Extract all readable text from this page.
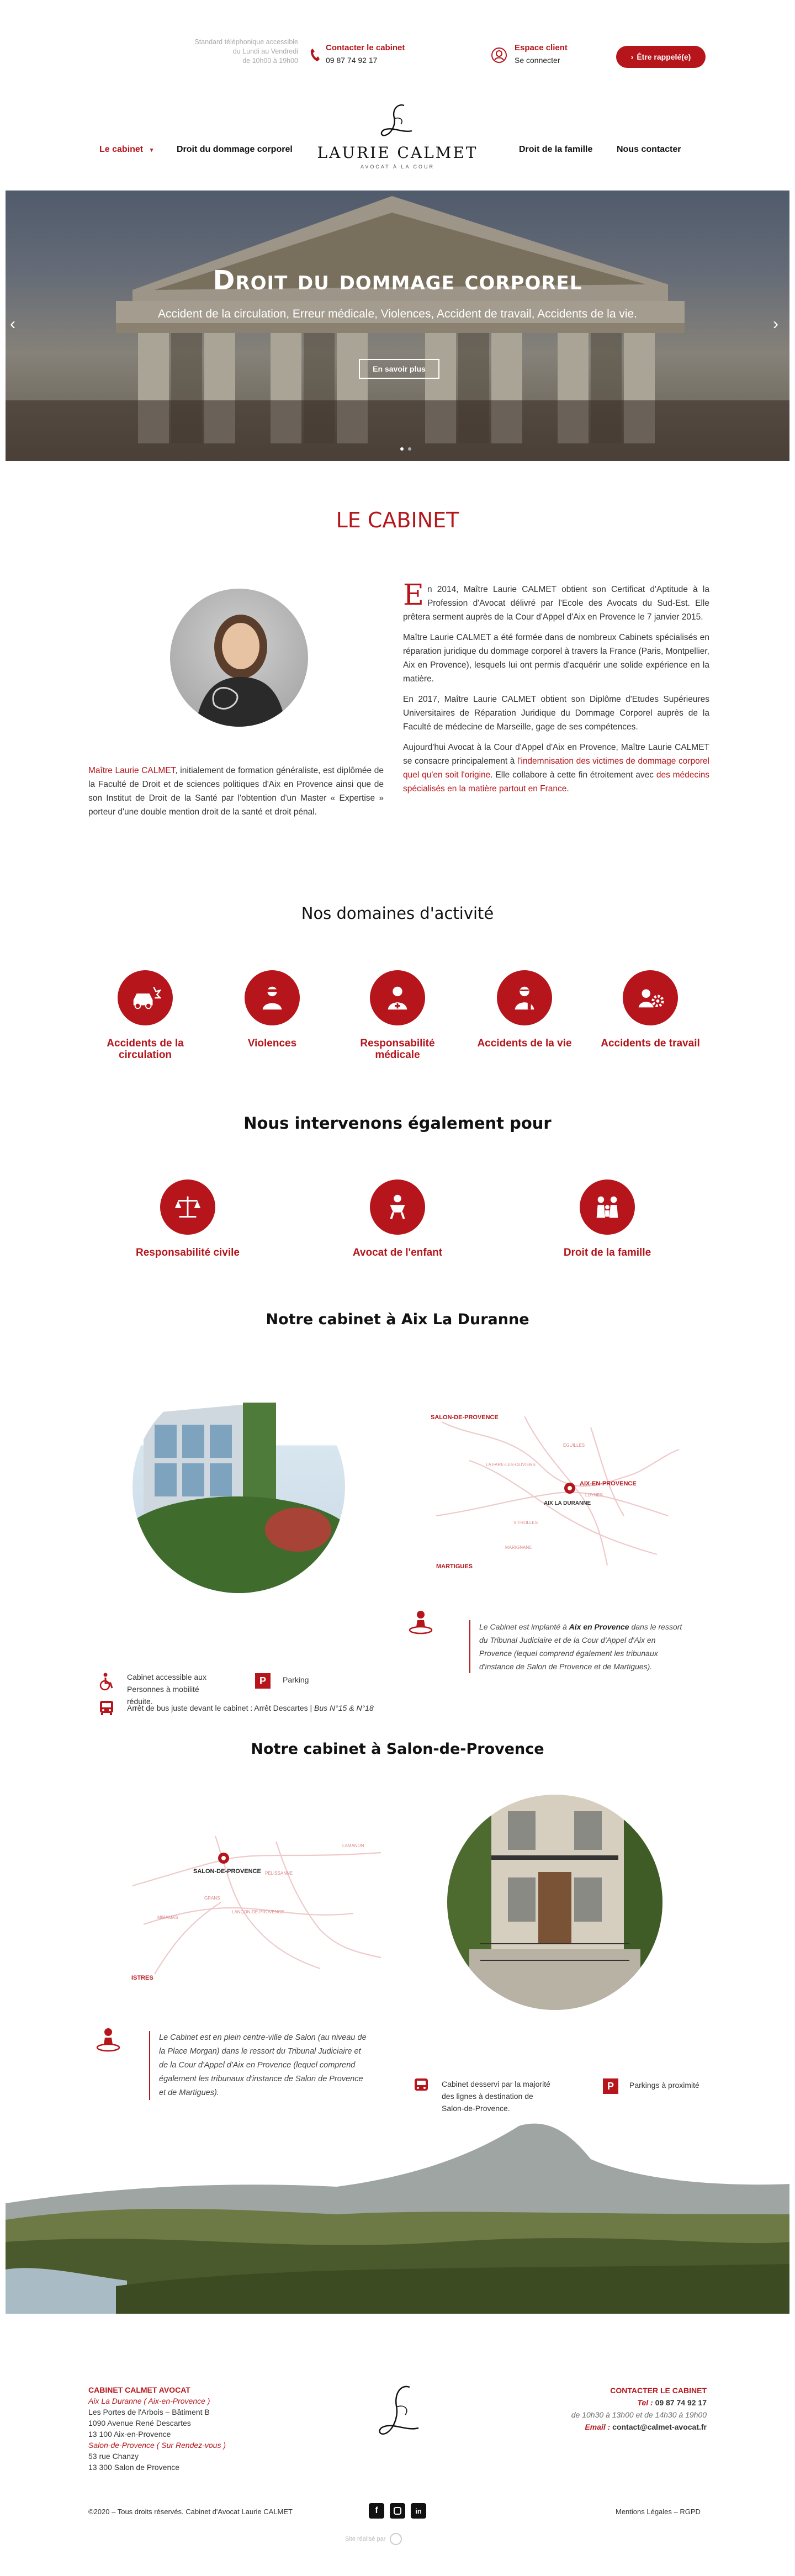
Standard téléphonique accessible
du Lundi au Vendredi
de 10h00 à 19h00
Contacter le cabinet
09 87 74 92 17
Espace client
Se connecter	› Être rappelé(e)
Le cabinet ▼	Droit du dommage corporel LAURIE CALMET
AVOCAT À LA COUR
Droit de la famille	Nous contacter
Droit du dommage corporel
Accident de la circulation, Erreur médicale, Violences, Accident de travail, Accidents de la vie.
En savoir plus
‹	›
LE CABINET
Maître Laurie CALMET, initialement de formation généraliste, est diplômée de la Faculté de Droit et de sciences politiques d'Aix en Provence ainsi que de son Institut de Droit de la Santé par l'obtention d'un Master « Expertise » porteur d'une double mention droit de la santé et droit pénal.
En 2014, Maître Laurie CALMET obtient son Certificat d'Aptitude à la Profession d'Avocat délivré par l'Ecole des Avocats du Sud-Est. Elle prêtera serment auprès de la Cour d'Appel d'Aix en Provence le 7 janvier 2015.
Maître Laurie CALMET a été formée dans de nombreux Cabinets spécialisés en réparation juridique du dommage corporel à travers la France (Paris, Montpellier, Aix en Provence), lesquels lui ont permis d'acquérir une solide expérience en la matière.
En 2017, Maître Laurie CALMET obtient son Diplôme d'Etudes Supérieures Universitaires de Réparation Juridique du Dommage Corporel auprès de la Faculté de médecine de Marseille, gage de ses compétences.
Aujourd'hui Avocat à la Cour d'Appel d'Aix en Provence, Maître Laurie CALMET se consacre principalement à l'indemnisation des victimes de dommage corporel quel qu'en soit l'origine. Elle collabore à cette fin étroitement avec des médecins spécialisés en la matière partout en France.
Nos domaines d'activité
Accidents de la circulation
Violences	Responsabilité médicale
Accidents de la vie	Accidents de travail
Nous intervenons également pour
Responsabilité civile	Avocat de l'enfant	Droit de la famille
Notre cabinet à Aix La Duranne
SALON-DE-PROVENCE
AIX-EN-PROVENCE
AIX LA DURANNE
MARTIGUES
EGUILLES
LUYNES
VITROLLES
MARIGNANE
LA FARE-LES-OLIVIERS
Le Cabinet est implanté à Aix en Provence dans le ressort du Tribunal Judiciaire et de la Cour d'Appel d'Aix en Provence (lequel comprend également les tribunaux d'instance de Salon de Provence et de Martigues).
Cabinet accessible aux Personnes à mobilité réduite.
P	Parking
Arrêt de bus juste devant le cabinet : Arrêt Descartes | Bus N°15 & N°18
Notre cabinet à Salon-de-Provence
SALON-DE-PROVENCE
ISTRES
LAMANON
PÉLISSANNE
GRANS
MIRAMAS
LANÇON-DE-PROVENCE
Le Cabinet est en plein centre-ville de Salon (au niveau de la Place Morgan) dans le ressort du Tribunal Judiciaire et de la Cour d'Appel d'Aix en Provence (lequel comprend également les tribunaux d'instance de Salon de Provence et de Martigues).
Cabinet desservi par la majorité des lignes à destination de Salon-de-Provence.
P	Parkings à proximité
CABINET CALMET AVOCAT
Aix La Duranne ( Aix-en-Provence )
Les Portes de l'Arbois – Bâtiment B
1090 Avenue René Descartes
13 100 Aix-en-Provence
Salon-de-Provence ( Sur Rendez-vous )
53 rue Chanzy
13 300 Salon de Provence
CONTACTER LE CABINET
Tel : 09 87 74 92 17
de 10h30 à 13h00 et de 14h30 à 19h00
Email : contact@calmet-avocat.fr
©2020 – Tous droits réservés. Cabinet d'Avocat Laurie CALMET	f	in	Mentions Légales – RGPD
Site réalisé par
